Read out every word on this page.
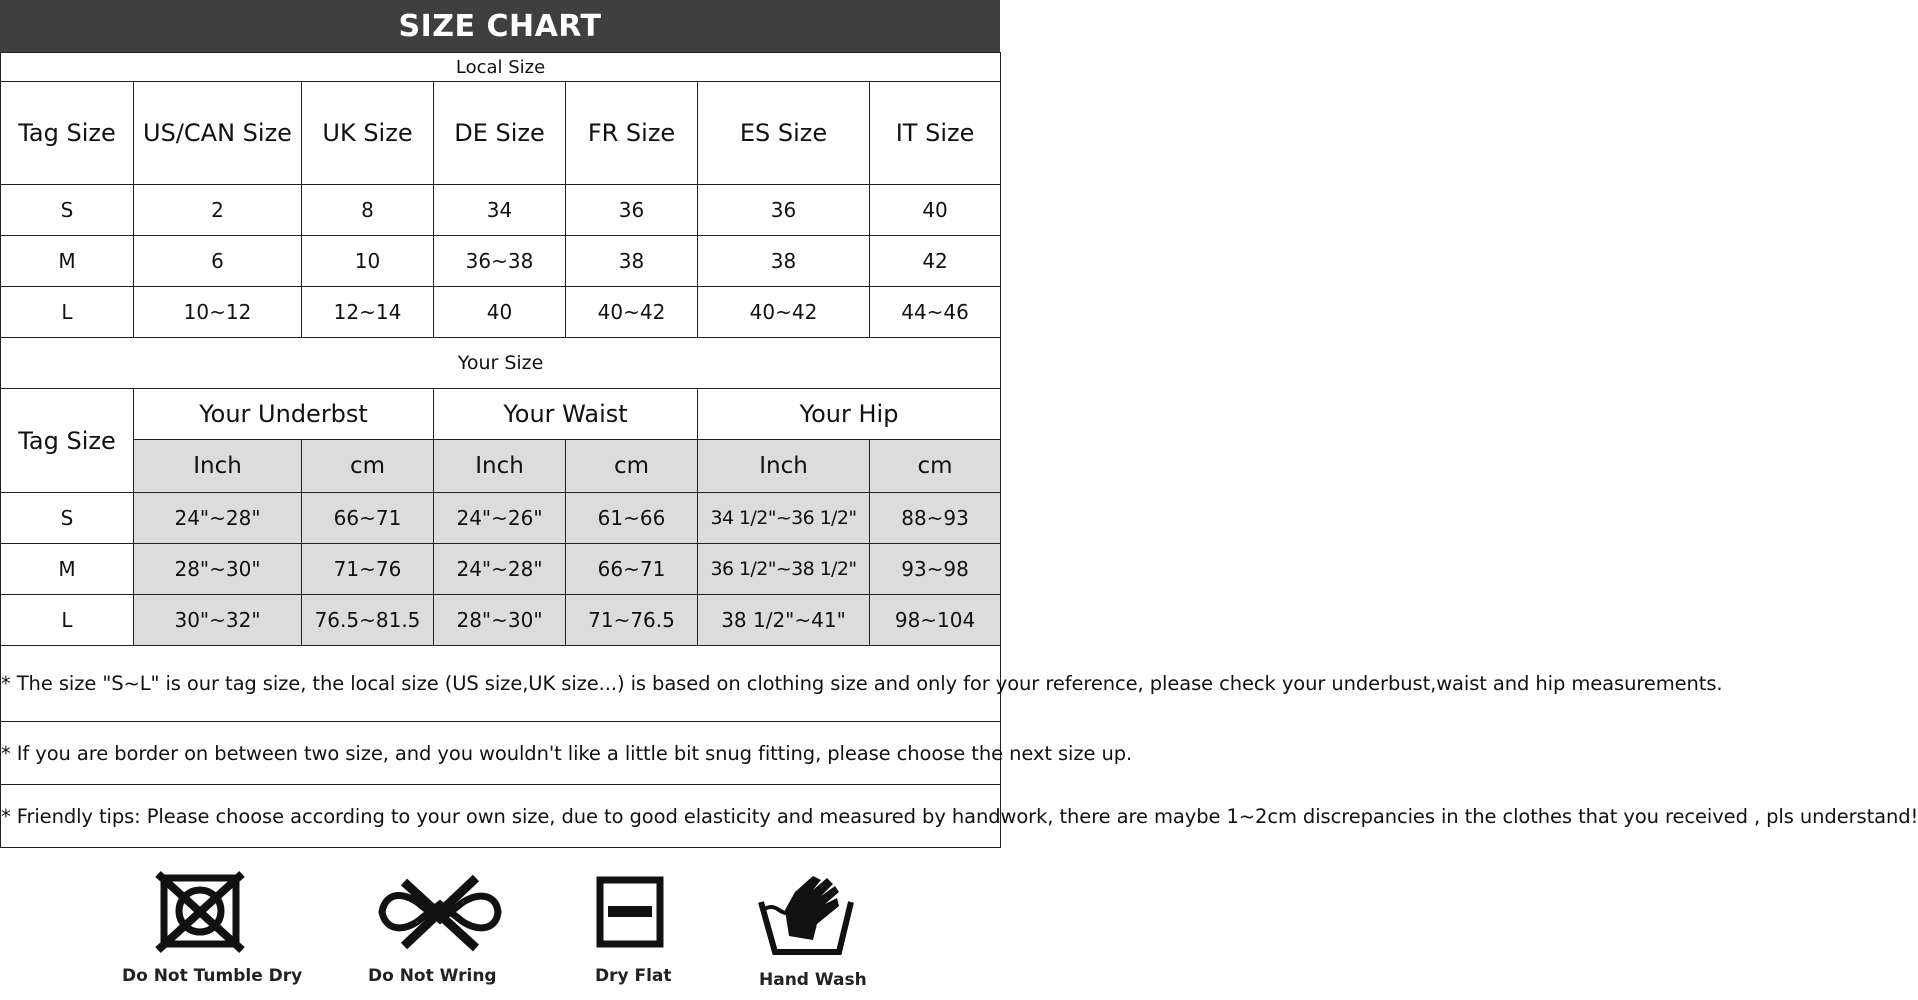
SIZE CHART
Local Size						
Tag Size	US/CAN Size	UK Size	DE Size	FR Size	ES Size	IT Size
S	2	8	34	36	36	40
M	6	10	36~38	38	38	42
L	10~12	12~14	40	40~42	40~42	44~46
Your Size						
Tag Size	Your Underbst		Your Waist		Your Hip	
	Inch	cm	Inch	cm	Inch	cm
S	24"~28"	66~71	24"~26"	61~66	34 1/2"~36 1/2"	88~93
M	28"~30"	71~76	24"~28"	66~71	36 1/2"~38 1/2"	93~98
L	30"~32"	76.5~81.5	28"~30"	71~76.5	38 1/2"~41"	98~104
* The size "S~L" is our tag size, the local size (US size,UK size...) is based on clothing size and only for your reference, please check your underbust,waist and hip measurements.						
* If you are border on between two size, and you wouldn't like a little bit snug fitting, please choose the next size up.						
* Friendly tips: Please choose according to your own size, due to good elasticity and measured by handwork, there are maybe 1~2cm discrepancies in the clothes that you received , pls understand!						
Do Not Tumble Dry	Do Not Wring	Dry Flat	Hand Wash
